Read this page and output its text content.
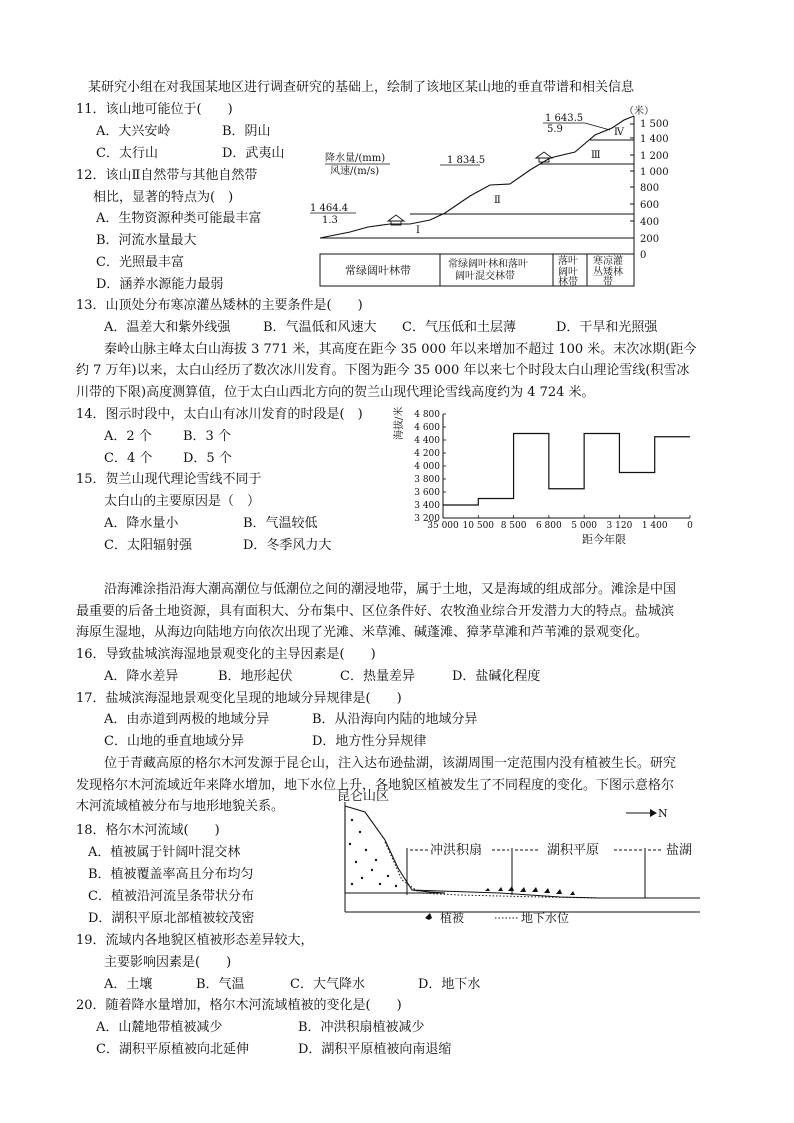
某研究小组在对我国某地区进行调查研究的基础上，绘制了该地区某山地的垂直带谱和相关信息
11．该山地可能位于(　　)
A．大兴安岭	B．阴山
C．太行山	D．武夷山
12．该山Ⅱ自然带与其他自然带
相比，显著的特点为(　)
A．生物资源种类可能最丰富
B．河流水量最大
C．光照最丰富
D．涵养水源能力最弱
（米）
0
200
400
600
800
1 000
1 200
1 400
1 500
降水量/(mm)
风速/(m/s)
1 464.4
1.3
1 834.5
1 643.5
5.9
Ⅰ
Ⅱ
Ⅲ
Ⅳ
常绿阔叶林带	常绿阔叶林和落叶
阔叶混交林带
落叶
阔叶
林带
寒凉灌
丛矮林
带
13．山顶处分布寒凉灌丛矮林的主要条件是(　　)
A．温差大和紫外线强	B．气温低和风速大 C．气压低和土层薄	D．干旱和光照强
秦岭山脉主峰太白山海拔 3 771 米，其高度在距今 35 000 年以来增加不超过 100 米。末次冰期(距今
约 7 万年)以来，太白山经历了数次冰川发育。下图为距今 35 000 年以来七个时段太白山理论雪线(积雪冰
川带的下限)高度测算值，位于太白山西北方向的贺兰山现代理论雪线高度约为 4 724 米。
14．图示时段中，太白山有冰川发育的时段是(　)
A．2 个 B．3 个
C．4 个 D．5 个
15．贺兰山现代理论雪线不同于
太白山的主要原因是（　）
A．降水量小	B．气温较低
C．太阳辐射强	D．冬季风力大
4 800
4 600
4 400
4 200
4 000
3 800
3 600
3 400
3 200
35 000 10 500 8 500 6 800 5 000 3 120 1 400 0
海拔/米
距今年限
沿海滩涂指沿海大潮高潮位与低潮位之间的潮浸地带，属于土地，又是海域的组成部分。滩涂是中国
最重要的后备土地资源，具有面积大、分布集中、区位条件好、农牧渔业综合开发潜力大的特点。盐城滨
海原生湿地，从海边向陆地方向依次出现了光滩、米草滩、碱蓬滩、獐茅草滩和芦苇滩的景观变化。
16．导致盐城滨海湿地景观变化的主导因素是(　　)
A．降水差异	B．地形起伏	C．热量差异	D．盐碱化程度
17．盐城滨海湿地景观变化呈现的地域分异规律是(　　)
A．由赤道到两极的地域分异	B．从沿海向内陆的地域分异
C．山地的垂直地域分异	D．地方性分异规律
位于青藏高原的格尔木河发源于昆仑山，注入达布逊盐湖，该湖周围一定范围内没有植被生长。研究
发现格尔木河流域近年来降水增加，地下水位上升，各地貌区植被发生了不同程度的变化。下图示意格尔
木河流域植被分布与地形地貌关系。
18．格尔木河流域(　　)
A．植被属于针阔叶混交林
B．植被覆盖率高且分布均匀
C．植被沿河流呈条带状分布
D．湖积平原北部植被较茂密
19．流域内各地貌区植被形态差异较大，
主要影响因素是(　　)
A．土壤	B．气温	C．大气降水	D．地下水
20．随着降水量增加，格尔木河流域植被的变化是(　　)
A．山麓地带植被减少	B．冲洪积扇植被减少
C．湖积平原植被向北延伸	D．湖积平原植被向南退缩
昆仑山区
N
冲洪积扇	湖积平原	盐湖
植被	地下水位
